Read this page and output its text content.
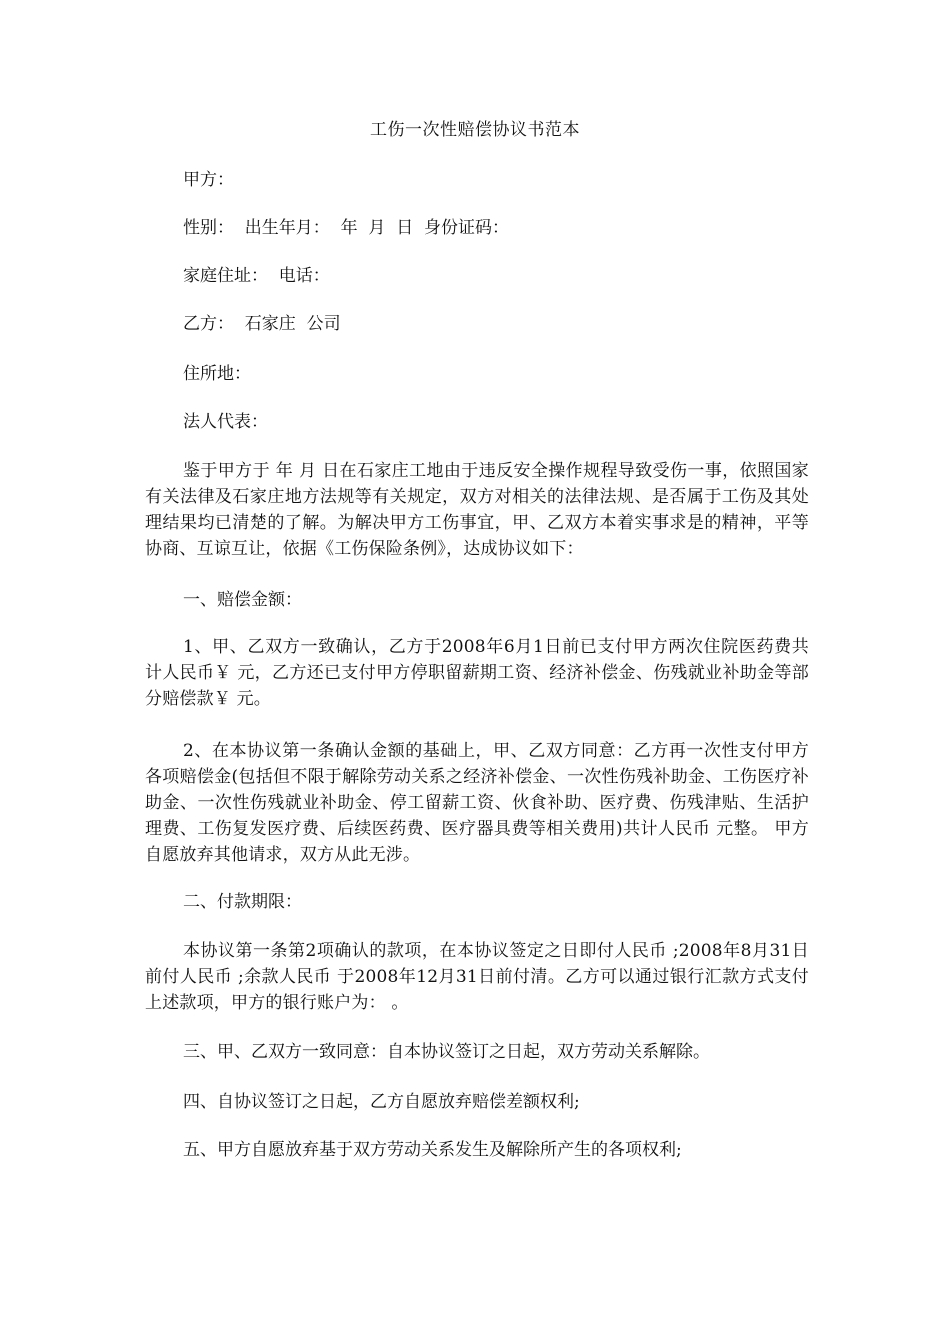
工伤一次性赔偿协议书范本
甲方：
性别：  出生年月：  年  月  日  身份证码：
家庭住址：  电话：
乙方：  石家庄  公司
住所地：
法人代表：
鉴于甲方于 年 月 日在石家庄工地由于违反安全操作规程导致受伤一事，依照国家有关法律及石家庄地方法规等有关规定，双方对相关的法律法规、是否属于工伤及其处理结果均已清楚的了解。为解决甲方工伤事宜，甲、乙双方本着实事求是的精神，平等协商、互谅互让，依据《工伤保险条例》，达成协议如下：
一、赔偿金额：
1、甲、乙双方一致确认，乙方于2008年6月1日前已支付甲方两次住院医药费共计人民币￥ 元，乙方还已支付甲方停职留薪期工资、经济补偿金、伤残就业补助金等部分赔偿款￥ 元。
2、在本协议第一条确认金额的基础上，甲、乙双方同意：乙方再一次性支付甲方各项赔偿金(包括但不限于解除劳动关系之经济补偿金、一次性伤残补助金、工伤医疗补助金、一次性伤残就业补助金、停工留薪工资、伙食补助、医疗费、伤残津贴、生活护理费、工伤复发医疗费、后续医药费、医疗器具费等相关费用)共计人民币 元整。 甲方自愿放弃其他请求，双方从此无涉。
二、付款期限：
本协议第一条第2项确认的款项，在本协议签定之日即付人民币 ;2008年8月31日前付人民币 ;余款人民币 于2008年12月31日前付清。乙方可以通过银行汇款方式支付上述款项，甲方的银行账户为： 。
三、甲、乙双方一致同意：自本协议签订之日起，双方劳动关系解除。
四、自协议签订之日起，乙方自愿放弃赔偿差额权利;
五、甲方自愿放弃基于双方劳动关系发生及解除所产生的各项权利;
